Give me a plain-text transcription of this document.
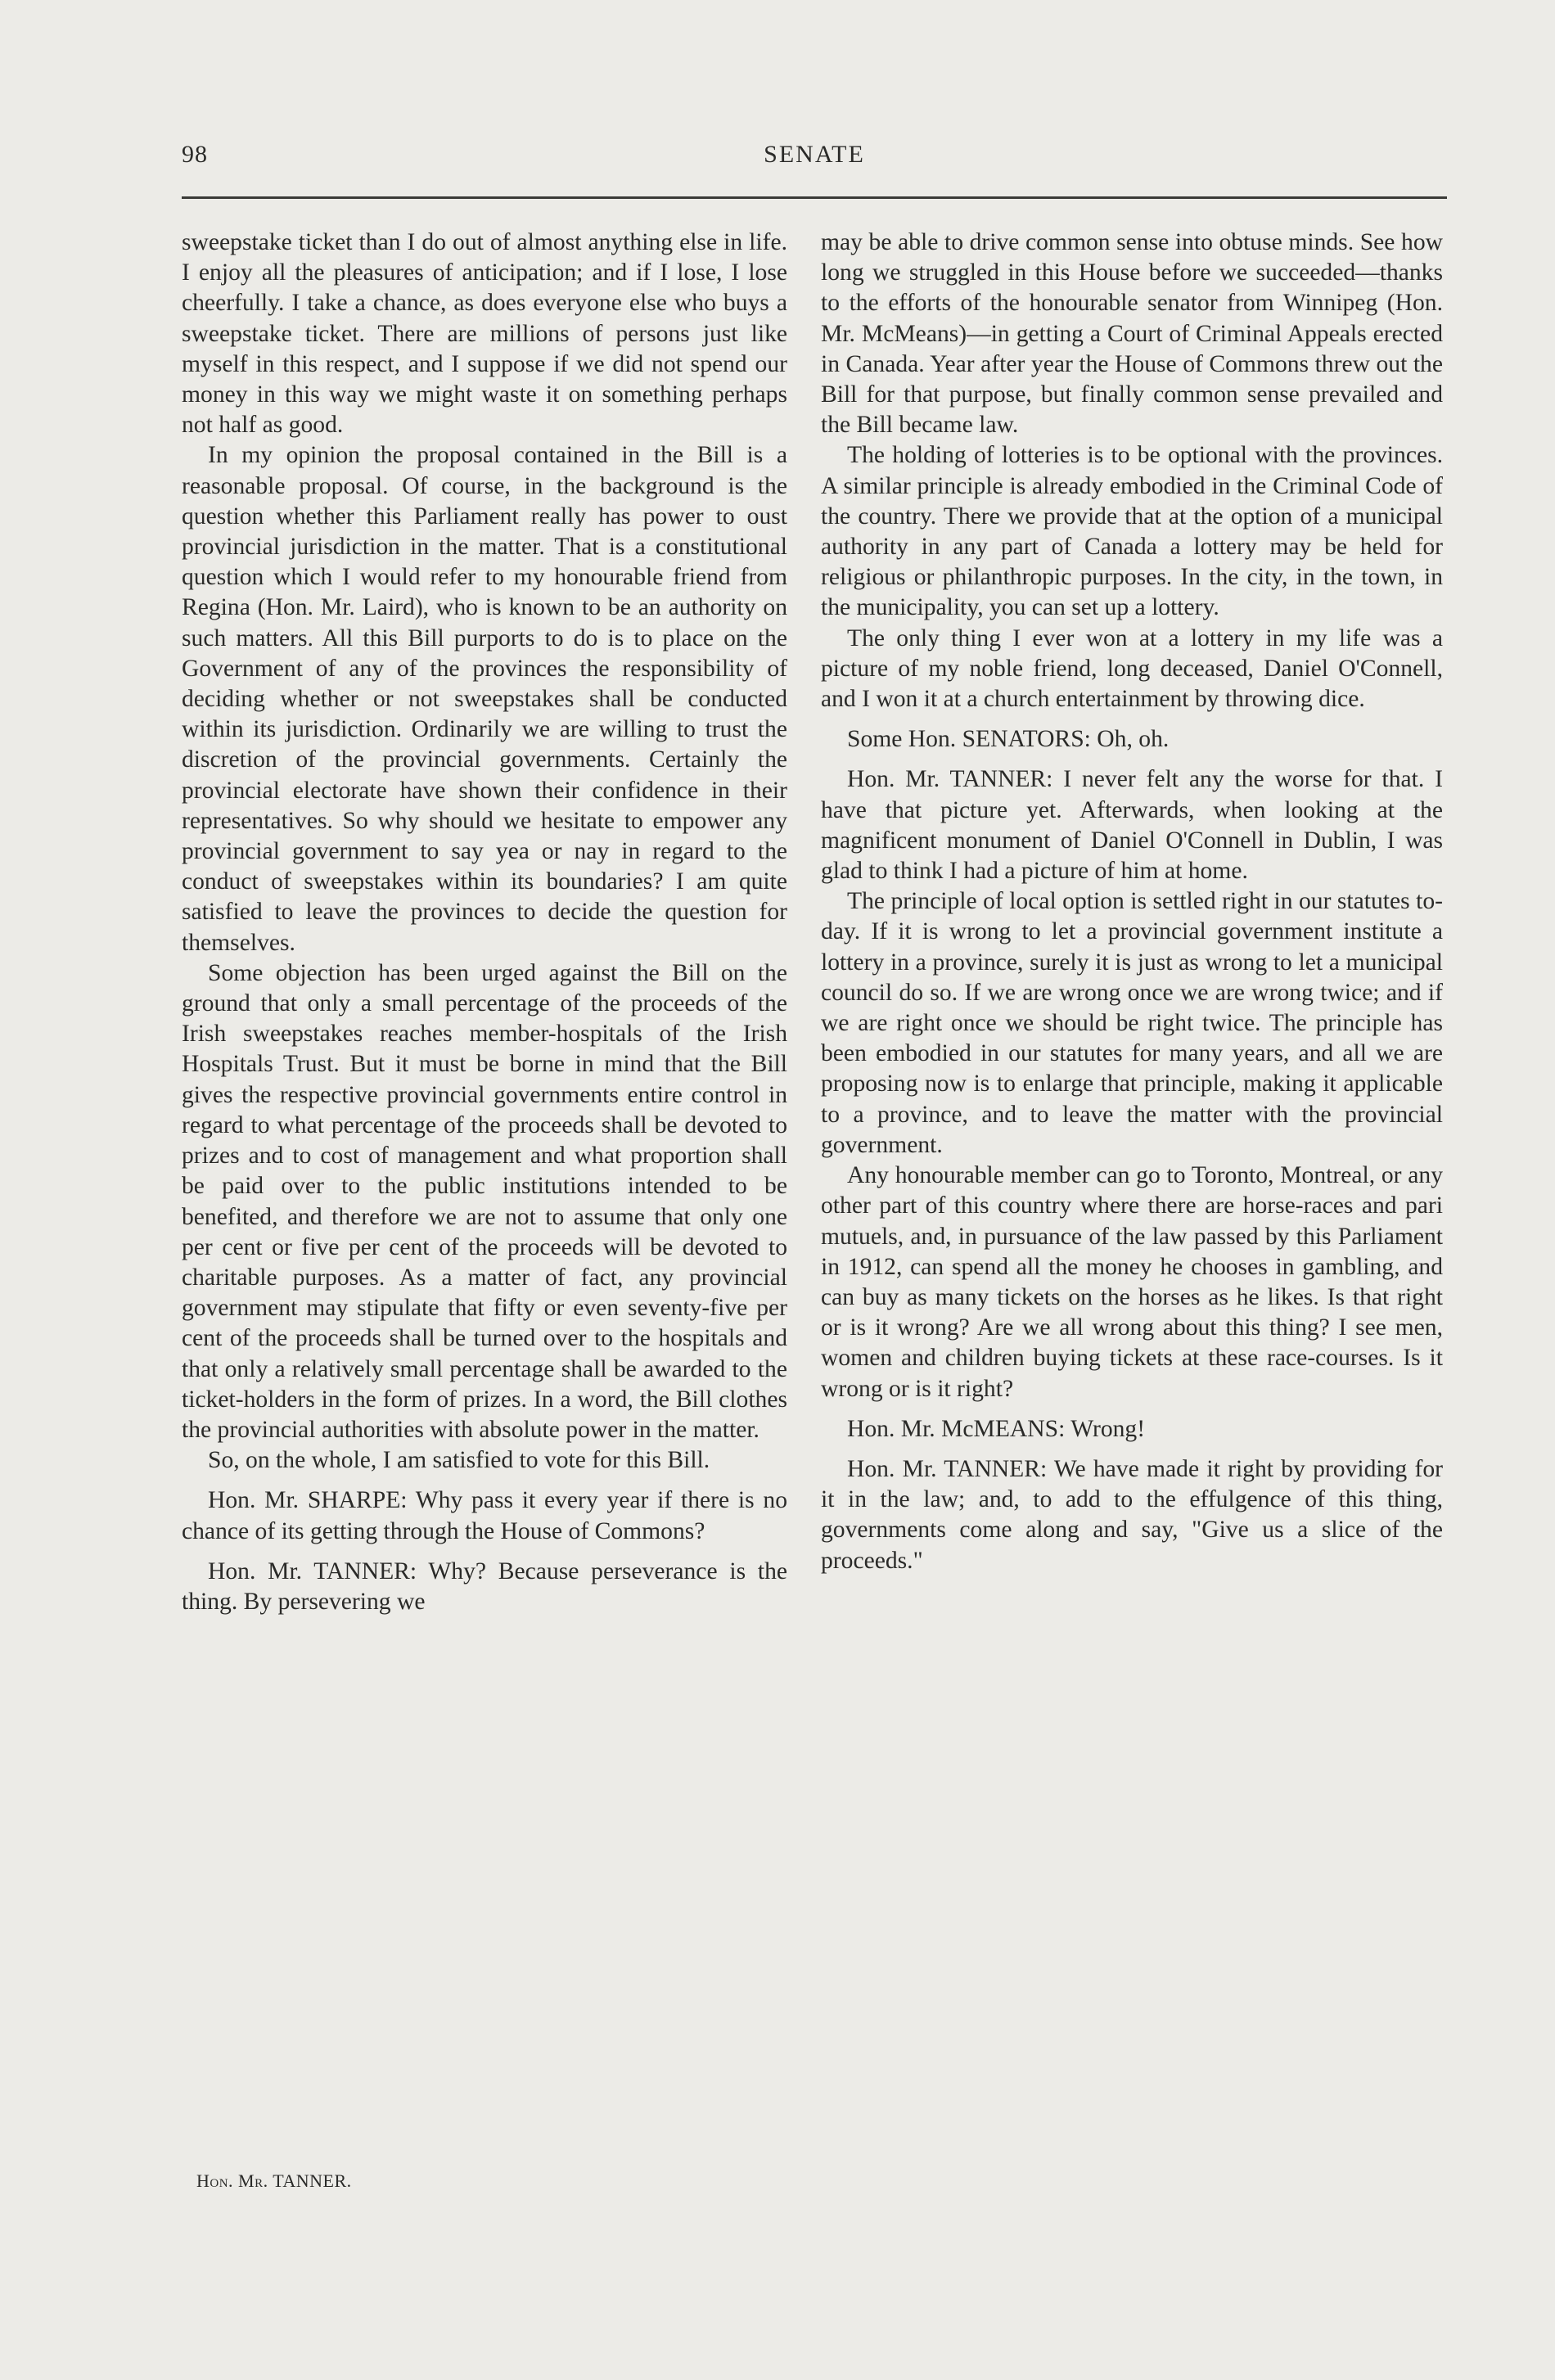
98	SENATE

sweepstake ticket than I do out of almost anything else in life. I enjoy all the pleasures of anticipation; and if I lose, I lose cheerfully. I take a chance, as does everyone else who buys a sweepstake ticket. There are millions of persons just like myself in this respect, and I suppose if we did not spend our money in this way we might waste it on something perhaps not half as good.

In my opinion the proposal contained in the Bill is a reasonable proposal. Of course, in the background is the question whether this Parliament really has power to oust provincial jurisdiction in the matter. That is a constitutional question which I would refer to my honourable friend from Regina (Hon. Mr. Laird), who is known to be an authority on such matters. All this Bill purports to do is to place on the Government of any of the provinces the responsibility of deciding whether or not sweepstakes shall be conducted within its jurisdiction. Ordinarily we are willing to trust the discretion of the provincial governments. Certainly the provincial electorate have shown their confidence in their representatives. So why should we hesitate to empower any provincial government to say yea or nay in regard to the conduct of sweepstakes within its boundaries? I am quite satisfied to leave the provinces to decide the question for themselves.

Some objection has been urged against the Bill on the ground that only a small percentage of the proceeds of the Irish sweepstakes reaches member-hospitals of the Irish Hospitals Trust. But it must be borne in mind that the Bill gives the respective provincial governments entire control in regard to what percentage of the proceeds shall be devoted to prizes and to cost of management and what proportion shall be paid over to the public institutions intended to be benefited, and therefore we are not to assume that only one per cent or five per cent of the proceeds will be devoted to charitable purposes. As a matter of fact, any provincial government may stipulate that fifty or even seventy-five per cent of the proceeds shall be turned over to the hospitals and that only a relatively small percentage shall be awarded to the ticket-holders in the form of prizes. In a word, the Bill clothes the provincial authorities with absolute power in the matter.

So, on the whole, I am satisfied to vote for this Bill.

Hon. Mr. SHARPE: Why pass it every year if there is no chance of its getting through the House of Commons?

Hon. Mr. TANNER: Why? Because perseverance is the thing. By persevering we

may be able to drive common sense into obtuse minds. See how long we struggled in this House before we succeeded—thanks to the efforts of the honourable senator from Winnipeg (Hon. Mr. McMeans)—in getting a Court of Criminal Appeals erected in Canada. Year after year the House of Commons threw out the Bill for that purpose, but finally common sense prevailed and the Bill became law.

The holding of lotteries is to be optional with the provinces. A similar principle is already embodied in the Criminal Code of the country. There we provide that at the option of a municipal authority in any part of Canada a lottery may be held for religious or philanthropic purposes. In the city, in the town, in the municipality, you can set up a lottery.

The only thing I ever won at a lottery in my life was a picture of my noble friend, long deceased, Daniel O'Connell, and I won it at a church entertainment by throwing dice.

Some Hon. SENATORS: Oh, oh.

Hon. Mr. TANNER: I never felt any the worse for that. I have that picture yet. Afterwards, when looking at the magnificent monument of Daniel O'Connell in Dublin, I was glad to think I had a picture of him at home.

The principle of local option is settled right in our statutes to-day. If it is wrong to let a provincial government institute a lottery in a province, surely it is just as wrong to let a municipal council do so. If we are wrong once we are wrong twice; and if we are right once we should be right twice. The principle has been embodied in our statutes for many years, and all we are proposing now is to enlarge that principle, making it applicable to a province, and to leave the matter with the provincial government.

Any honourable member can go to Toronto, Montreal, or any other part of this country where there are horse-races and pari mutuels, and, in pursuance of the law passed by this Parliament in 1912, can spend all the money he chooses in gambling, and can buy as many tickets on the horses as he likes. Is that right or is it wrong? Are we all wrong about this thing? I see men, women and children buying tickets at these race-courses. Is it wrong or is it right?

Hon. Mr. McMEANS: Wrong!

Hon. Mr. TANNER: We have made it right by providing for it in the law; and, to add to the effulgence of this thing, governments come along and say, "Give us a slice of the proceeds."

Hon. Mr. TANNER.
